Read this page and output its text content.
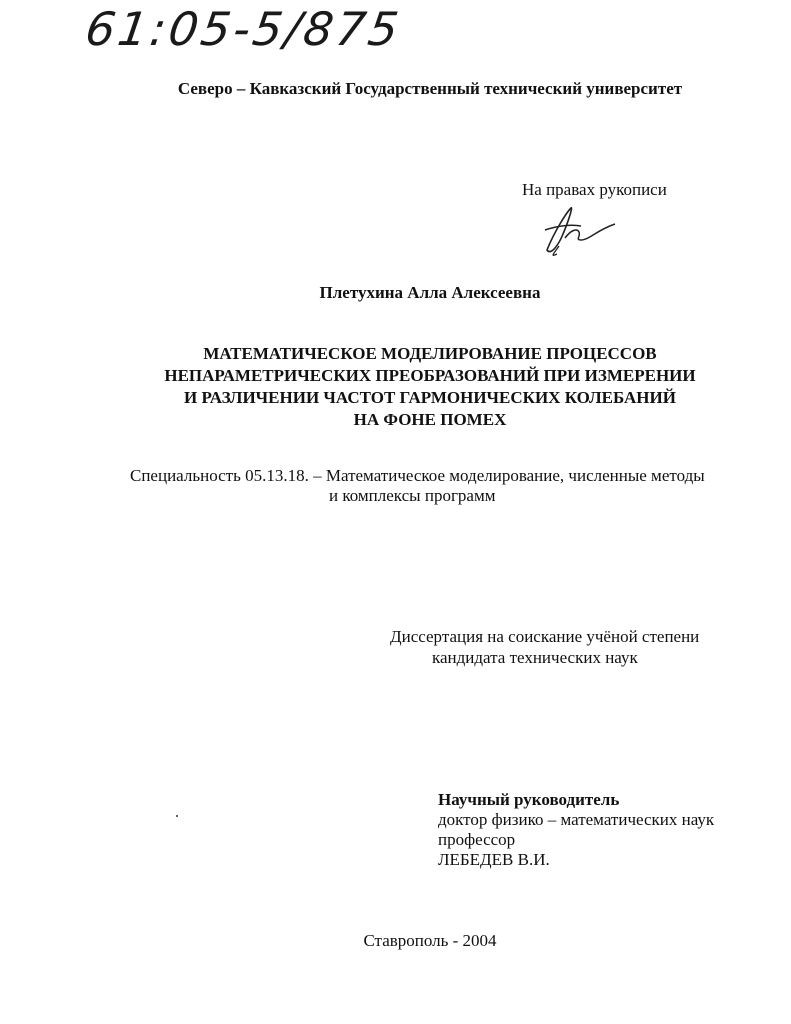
61:05-5/875
Северо – Кавказский Государственный технический университет
На правах рукописи
Плетухина Алла Алексеевна
МАТЕМАТИЧЕСКОЕ МОДЕЛИРОВАНИЕ ПРОЦЕССОВ
НЕПАРАМЕТРИЧЕСКИХ ПРЕОБРАЗОВАНИЙ ПРИ ИЗМЕРЕНИИ
И РАЗЛИЧЕНИИ ЧАСТОТ ГАРМОНИЧЕСКИХ КОЛЕБАНИЙ
НА ФОНЕ ПОМЕХ
Специальность 05.13.18. – Математическое моделирование, численные методы
и комплексы программ
Диссертация на соискание учёной степени
кандидата технических наук
Научный руководитель
доктор физико – математических наук
профессор
ЛЕБЕДЕВ В.И.
Ставрополь - 2004
